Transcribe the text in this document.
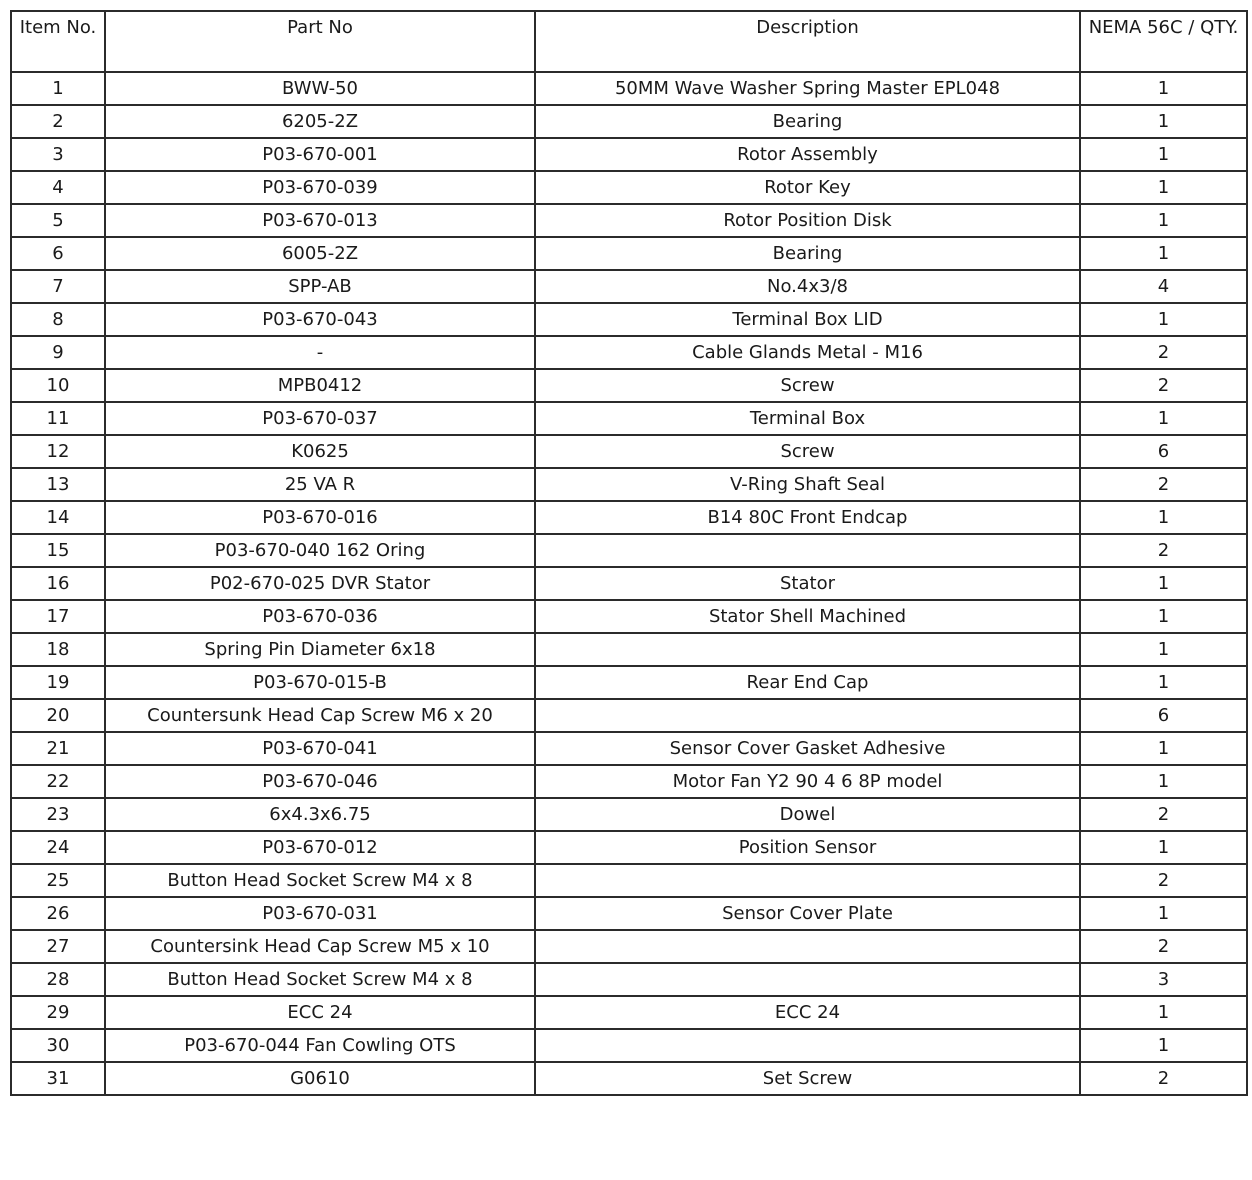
Item No.	Part No	Description	NEMA 56C / QTY.
1	BWW-50	50MM Wave Washer Spring Master EPL048	1
2	6205-2Z	Bearing	1
3	P03-670-001	Rotor Assembly	1
4	P03-670-039	Rotor Key	1
5	P03-670-013	Rotor Position Disk	1
6	6005-2Z	Bearing	1
7	SPP-AB	No.4x3/8	4
8	P03-670-043	Terminal Box LID	1
9	-	Cable Glands Metal - M16	2
10	MPB0412	Screw	2
11	P03-670-037	Terminal Box	1
12	K0625	Screw	6
13	25 VA R	V-Ring Shaft Seal	2
14	P03-670-016	B14 80C Front Endcap	1
15	P03-670-040 162 Oring		2
16	P02-670-025 DVR Stator	Stator	1
17	P03-670-036	Stator Shell Machined	1
18	Spring Pin Diameter 6x18		1
19	P03-670-015-B	Rear End Cap	1
20	Countersunk Head Cap Screw M6 x 20		6
21	P03-670-041	Sensor Cover Gasket Adhesive	1
22	P03-670-046	Motor Fan Y2 90 4 6 8P model	1
23	6x4.3x6.75	Dowel	2
24	P03-670-012	Position Sensor	1
25	Button Head Socket Screw M4 x 8		2
26	P03-670-031	Sensor Cover Plate	1
27	Countersink Head Cap Screw M5 x 10		2
28	Button Head Socket Screw M4 x 8		3
29	ECC 24	ECC 24	1
30	P03-670-044 Fan Cowling OTS		1
31	G0610	Set Screw	2
